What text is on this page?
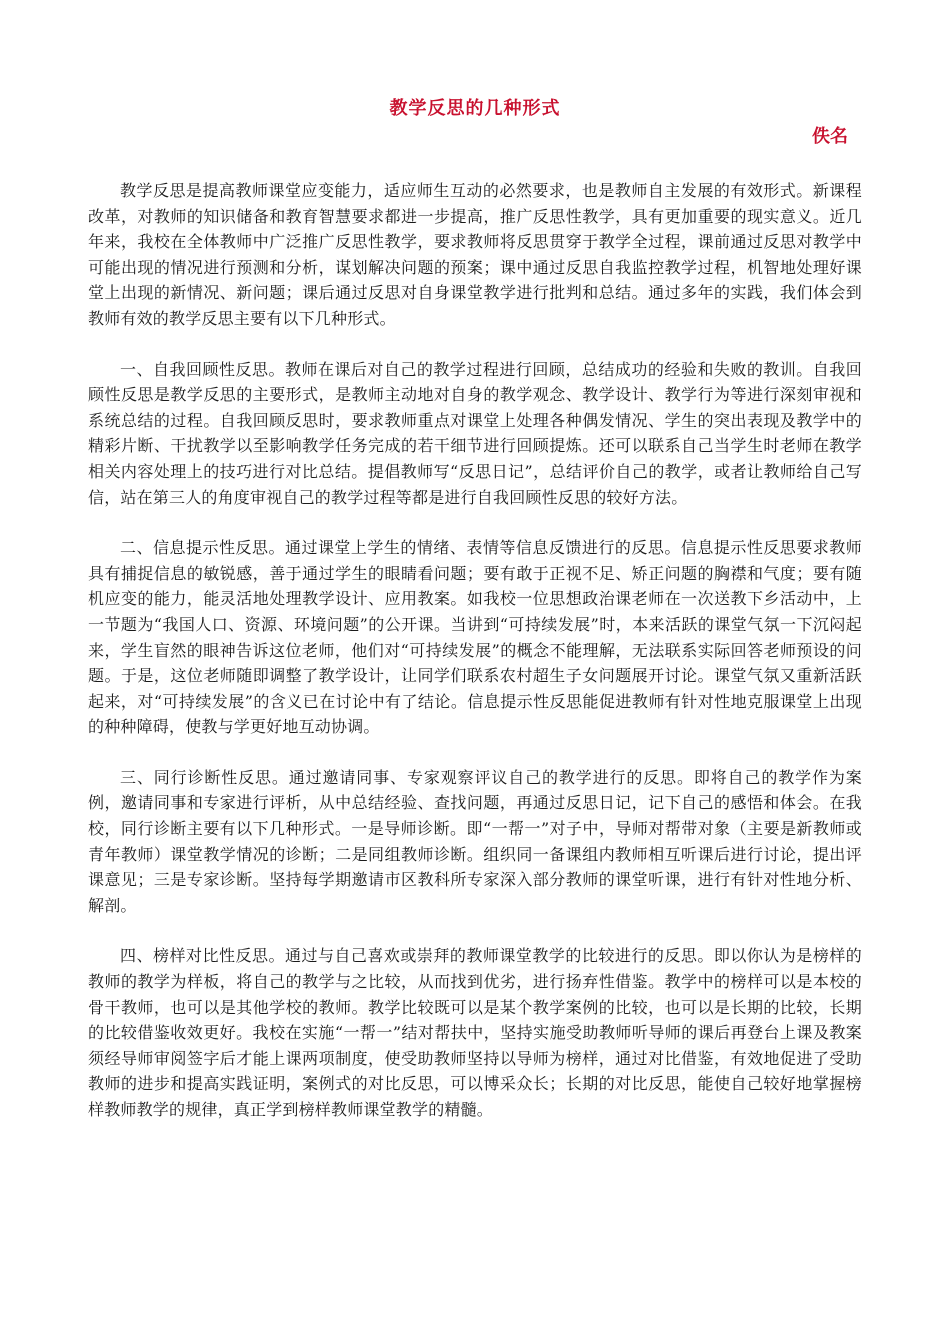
教学反思的几种形式
佚名

教学反思是提高教师课堂应变能力，适应师生互动的必然要求，也是教师自主发展的有效形式。新课程改革，对教师的知识储备和教育智慧要求都进一步提高，推广反思性教学，具有更加重要的现实意义。近几年来，我校在全体教师中广泛推广反思性教学，要求教师将反思贯穿于教学全过程，课前通过反思对教学中可能出现的情况进行预测和分析，谋划解决问题的预案；课中通过反思自我监控教学过程，机智地处理好课堂上出现的新情况、新问题；课后通过反思对自身课堂教学进行批判和总结。通过多年的实践，我们体会到教师有效的教学反思主要有以下几种形式。

一、自我回顾性反思。教师在课后对自己的教学过程进行回顾，总结成功的经验和失败的教训。自我回顾性反思是教学反思的主要形式，是教师主动地对自身的教学观念、教学设计、教学行为等进行深刻审视和系统总结的过程。自我回顾反思时，要求教师重点对课堂上处理各种偶发情况、学生的突出表现及教学中的精彩片断、干扰教学以至影响教学任务完成的若干细节进行回顾提炼。还可以联系自己当学生时老师在教学相关内容处理上的技巧进行对比总结。提倡教师写“反思日记”，总结评价自己的教学，或者让教师给自己写信，站在第三人的角度审视自己的教学过程等都是进行自我回顾性反思的较好方法。

二、信息提示性反思。通过课堂上学生的情绪、表情等信息反馈进行的反思。信息提示性反思要求教师具有捕捉信息的敏锐感，善于通过学生的眼睛看问题；要有敢于正视不足、矫正问题的胸襟和气度；要有随机应变的能力，能灵活地处理教学设计、应用教案。如我校一位思想政治课老师在一次送教下乡活动中，上一节题为“我国人口、资源、环境问题”的公开课。当讲到“可持续发展”时，本来活跃的课堂气氛一下沉闷起来，学生盲然的眼神告诉这位老师，他们对“可持续发展”的概念不能理解，无法联系实际回答老师预设的问题。于是，这位老师随即调整了教学设计，让同学们联系农村超生子女问题展开讨论。课堂气氛又重新活跃起来，对“可持续发展”的含义已在讨论中有了结论。信息提示性反思能促进教师有针对性地克服课堂上出现的种种障碍，使教与学更好地互动协调。

三、同行诊断性反思。通过邀请同事、专家观察评议自己的教学进行的反思。即将自己的教学作为案例，邀请同事和专家进行评析，从中总结经验、查找问题，再通过反思日记，记下自己的感悟和体会。在我校，同行诊断主要有以下几种形式。一是导师诊断。即“一帮一”对子中，导师对帮带对象（主要是新教师或青年教师）课堂教学情况的诊断；二是同组教师诊断。组织同一备课组内教师相互听课后进行讨论，提出评课意见；三是专家诊断。坚持每学期邀请市区教科所专家深入部分教师的课堂听课，进行有针对性地分析、解剖。

四、榜样对比性反思。通过与自己喜欢或崇拜的教师课堂教学的比较进行的反思。即以你认为是榜样的教师的教学为样板，将自己的教学与之比较，从而找到优劣，进行扬弃性借鉴。教学中的榜样可以是本校的骨干教师，也可以是其他学校的教师。教学比较既可以是某个教学案例的比较，也可以是长期的比较，长期的比较借鉴收效更好。我校在实施“一帮一”结对帮扶中，坚持实施受助教师听导师的课后再登台上课及教案须经导师审阅签字后才能上课两项制度，使受助教师坚持以导师为榜样，通过对比借鉴，有效地促进了受助教师的进步和提高实践证明，案例式的对比反思，可以博采众长；长期的对比反思，能使自己较好地掌握榜样教师教学的规律，真正学到榜样教师课堂教学的精髓。
